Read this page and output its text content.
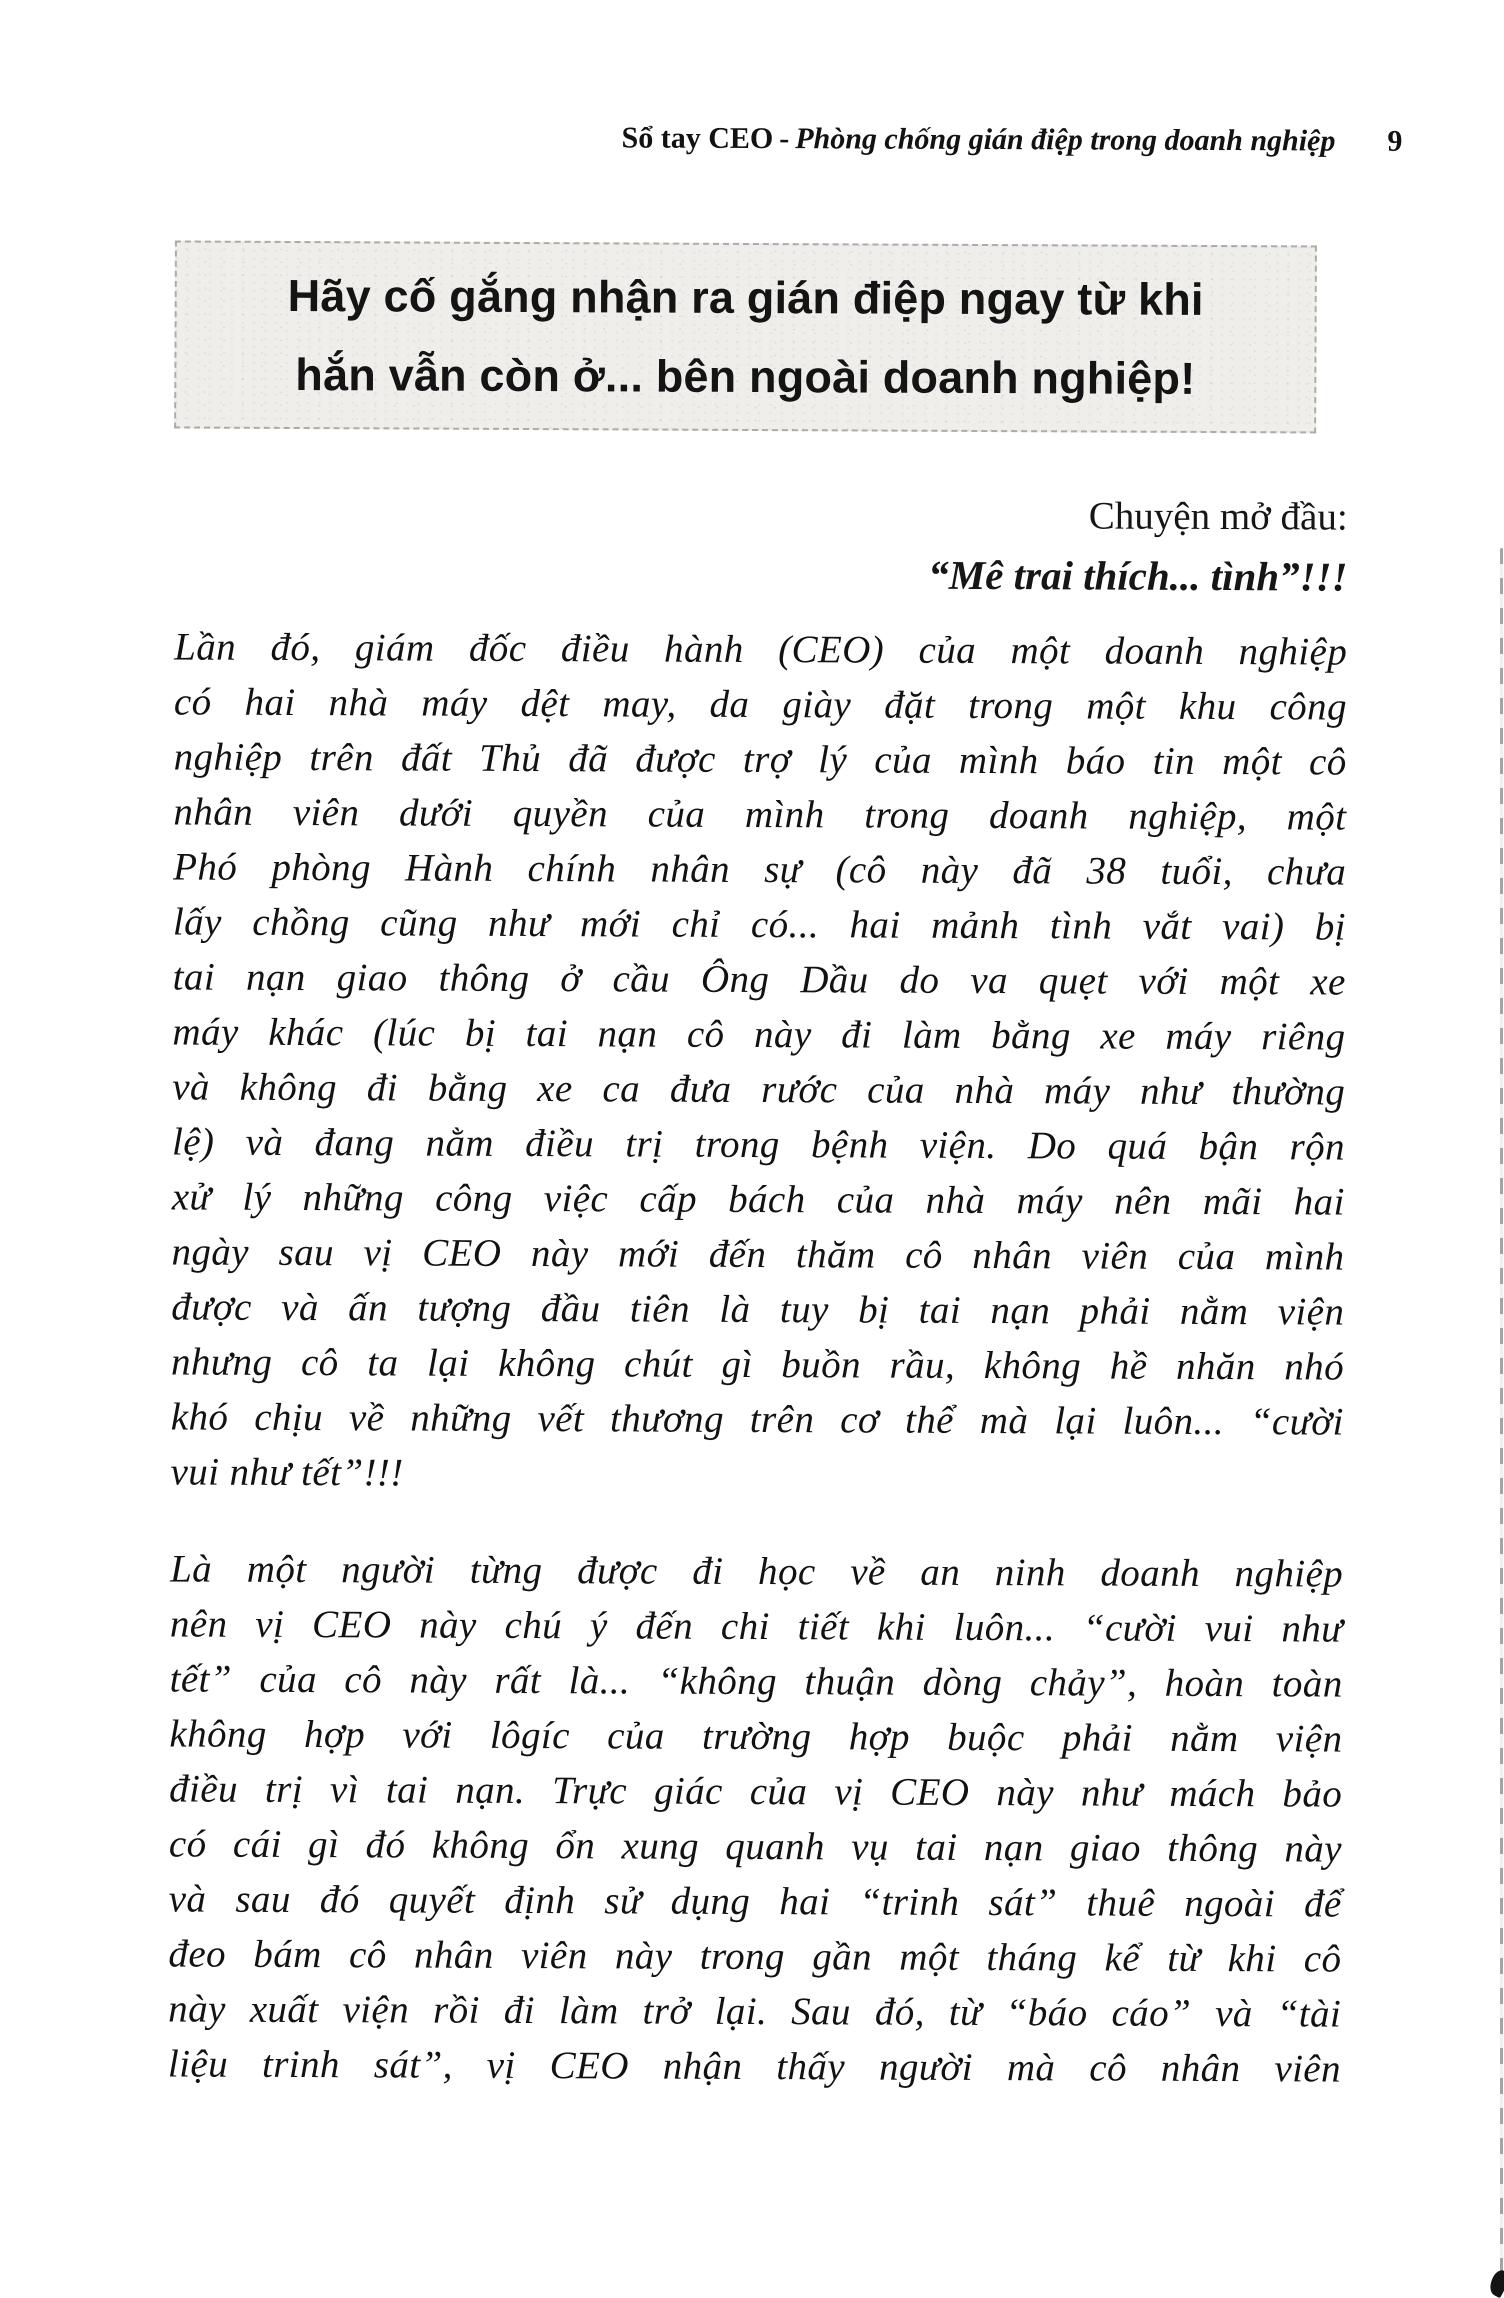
Sổ tay CEO - Phòng chống gián điệp trong doanh nghiệp 9
Hãy cố gắng nhận ra gián điệp ngay từ khi
hắn vẫn còn ở... bên ngoài doanh nghiệp!
Chuyện mở đầu:
“Mê trai thích... tình”!!!
Lần đó, giám đốc điều hành (CEO) của một doanh nghiệp
có hai nhà máy dệt may, da giày đặt trong một khu công
nghiệp trên đất Thủ đã được trợ lý của mình báo tin một cô
nhân viên dưới quyền của mình trong doanh nghiệp, một
Phó phòng Hành chính nhân sự (cô này đã 38 tuổi, chưa
lấy chồng cũng như mới chỉ có... hai mảnh tình vắt vai) bị
tai nạn giao thông ở cầu Ông Dầu do va quẹt với một xe
máy khác (lúc bị tai nạn cô này đi làm bằng xe máy riêng
và không đi bằng xe ca đưa rước của nhà máy như thường
lệ) và đang nằm điều trị trong bệnh viện. Do quá bận rộn
xử lý những công việc cấp bách của nhà máy nên mãi hai
ngày sau vị CEO này mới đến thăm cô nhân viên của mình
được và ấn tượng đầu tiên là tuy bị tai nạn phải nằm viện
nhưng cô ta lại không chút gì buồn rầu, không hề nhăn nhó
khó chịu về những vết thương trên cơ thể mà lại luôn... “cười
vui như tết”!!!
Là một người từng được đi học về an ninh doanh nghiệp
nên vị CEO này chú ý đến chi tiết khi luôn... “cười vui như
tết” của cô này rất là... “không thuận dòng chảy”, hoàn toàn
không hợp với lôgíc của trường hợp buộc phải nằm viện
điều trị vì tai nạn. Trực giác của vị CEO này như mách bảo
có cái gì đó không ổn xung quanh vụ tai nạn giao thông này
và sau đó quyết định sử dụng hai “trinh sát” thuê ngoài để
đeo bám cô nhân viên này trong gần một tháng kể từ khi cô
này xuất viện rồi đi làm trở lại. Sau đó, từ “báo cáo” và “tài
liệu trinh sát”, vị CEO nhận thấy người mà cô nhân viên
